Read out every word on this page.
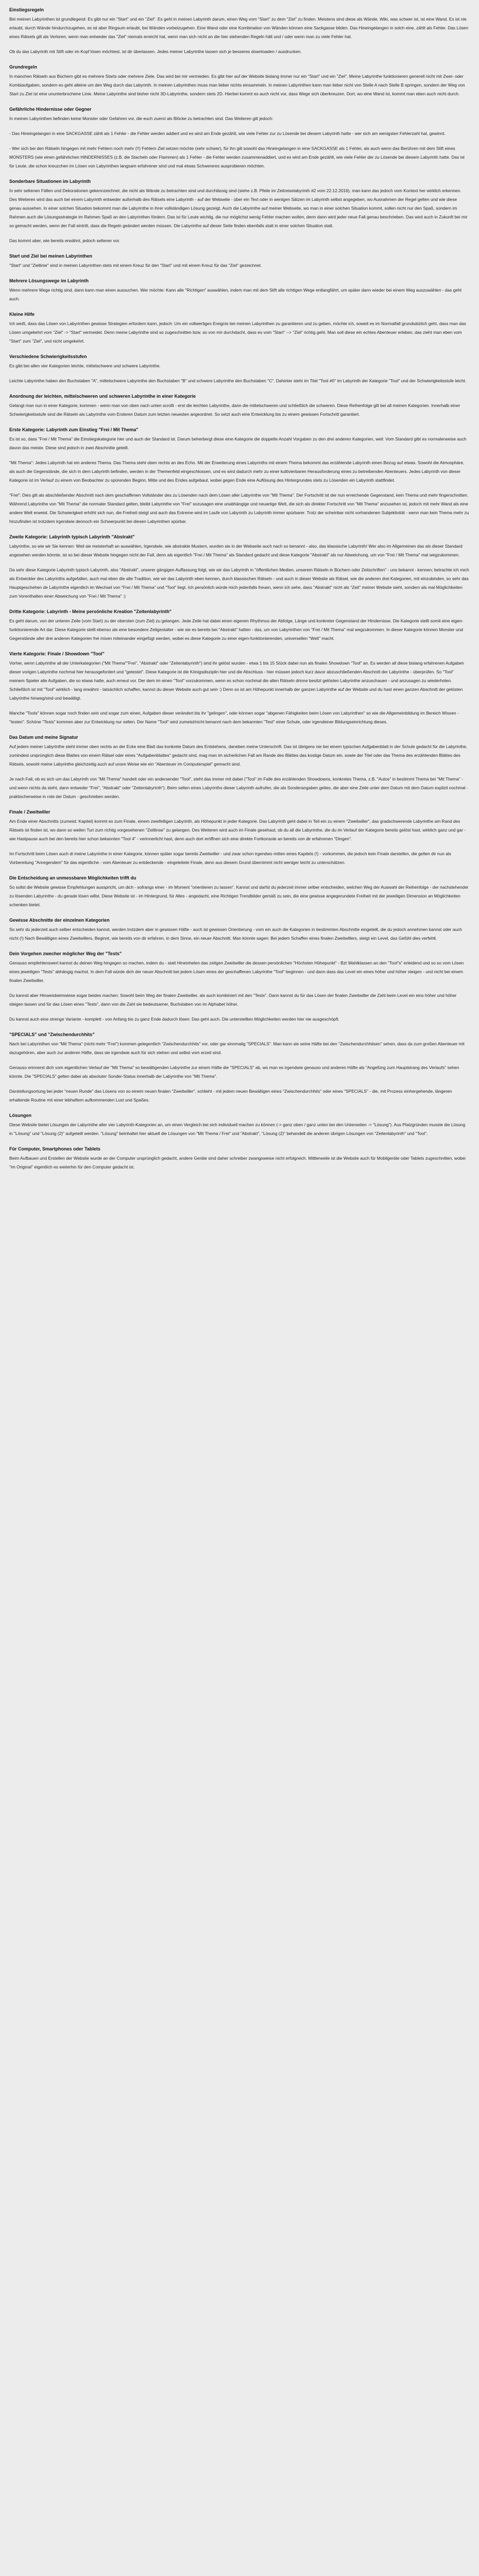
Einstiegsregeln

Bei meinen Labyrinthen ist grundlegend: Es gibt nur ein "Start" und ein "Ziel". Es geht in meinen Labyrinth darum, einen Weg vom "Start" zu dem "Ziel" zu finden. Meistens sind diese als Wände, Wiki, was schwer ist, ist eine Wand. Es ist nie erlaubt, durch Wände hindurchzugehen, es ist aber Ringsum erlaubt, bei Wänden vorbeizugehen. Eine Wand oder eine Kombination von Wänden können eine Sackgasse bilden. Das Hineingelangen in solch eine, zählt als Fehler. Das Lösen eines Rätsels gilt als Verloren, wenn man entweder das "Ziel" niemals erreicht hat, wenn man sich nicht an die hier stehenden Regeln hält und / oder wenn man zu viele Fehler hat.

Ob du das Labyrinth mit Stift oder im Kopf lösen möchtest, ist dir überlassen. Jedes meiner Labyrinthe lassen sich je besseres downloaden / ausdrucken.

Grundregeln

In manchen Rätseln aus Büchern gibt es mehrere Starts oder mehrere Ziele. Das wird bei mir vermieden. Es gibt hier auf der Website bislang immer nur ein "Start" und ein "Ziel". Meine Labyrinthe funktionieren generell nicht mit Zwei- oder Kombiaufgaben, sondern es geht alleine um den Weg durch das Labyrinth. In meinen Labyrinthen muss man lieber nichts einsammeln. In meinen Labyrinthen kann man lieber nicht von Stelle A nach Stelle B springen, sondern der Weg von Start zu Ziel ist eine ununterbrochene Linie. Meine Labyrinthe sind bisher nicht 3D-Labyrinthe, sondern stets 2D. Hierbei kommt es auch nicht vor, dass Wege sich überkreuzen. Dort, wo eine Wand ist, kommt man eben auch nicht durch.

Gefährliche Hindernisse oder Gegner

In meinen Labyrinthen befinden keine Monster oder Gefahren vor, die euch zuerst als Blöcke zu betrachten sind. Das Weiteren gilt jedoch:

- Das Hineingelangen in eine SACKGASSE zählt als 1 Fehler - die Fehler werden addiert und es wird am Ende gezählt, wie viele Fehler zur zu Lösende bei diesem Labyrinth hatte - wer sich am wenigsten Fehlerzahl hat, gewinnt.

- Wer sich bei den Rätseln hingegen mit mehr Fehlern noch mehr (!!) Fehlern Ziel setzen möchte (sehr schwer), für ihn gilt sowohl das Hineingelangen in eine SACKGASSE als 1 Fehler, als auch wenn das Berühren mit dem Stift eines MONSTERS (wie einen gefährlichen HINDERNISSES (z.B. die Stacheln oder Flammen) als 1 Fehler - die Fehler werden zusammenaddiert, und es wird am Ende gezählt, wie viele Fehler der zu Lösende bei diesem Labyrinth hatte. Das ist für Leute, die schon kreuzchen im Lösen von Labyrinthen langsam erfahrener sind und mal etwas Schwereres ausprobieren möchten.

Sonderbare Situationen im Labyrinth

In sehr seltenen Fällen und Dekorationen gekennzeichnet, die nicht als Wände zu betrachten sind und durchlässig sind (siehe z.B. Pfeile im Zeitreiselabyrinth #2 vom 22.12.2016), man kann das jedoch vom Kontext her wirklich erkennen. Des Weiteren wird das auch bei einem Labyrinth entweder außerhalb des Rätsels eine Labyrinth - auf der Webseite - über ein Text oder in wenigen Sätzen im Labyrinth selbst angegeben, wo Ausnahmen der Regel gelten und wie diese genau aussehen. In einer solchen Situation bekommt man die Labyrinthe in ihrer vollständigen Lösung gezeigt. Auch die Labyrinthe auf meiner Webseite, wo man in einer solchen Situation kommt, sollen nicht nur den Spaß, sondern im Rahmen auch die Lösungsstrategie im Rahmen Spaß an den Labyrinthen fördern. Das ist für Leute wichtig, die nur möglichst wenig Fehler machen wollen, denn dann wird jeder neue Fall genau beschrieben. Das wird auch in Zukunft bei mir so gemacht werden, wenn der Fall eintritt, dass die Regeln geändert werden müssen. Die Labyrinthe auf dieser Seite finden ebenfalls statt in einer solchen Situation statt.

Das kommt aber, wie bereits erwähnt, jedoch seltener vor.

Start und Ziel bei meinen Labyrinthen

"Start" und "Ziellinie" sind in meinen Labyrinthen stets mit einem Kreuz für den "Start" und mit einem Kreuz für das "Ziel" gezeichnet.

Mehrere Lösungswege im Labyrinth

Wenn mehrere Wege richtig sind, dann kann man einen aussuchen. Wer möchte: Kann alle "Richtigen" auswählen, indem man mit dem Stift alle richtigen Wege entlangfährt, um später dann wieder bei einem Weg auszuwählen - das geht auch.

Kleine Hilfe

Ich weiß, dass das Lösen von Labyrinthen gewisse Strategien erfordern kann, jedoch: Um ein vollwertiges Ereignis bei meinen Labyrinthen zu garantieren und zu geben, möchte ich, soweit es im Normalfall grundsätzlich geht, dass man das Lösen umgekehrt vom "Ziel" -> "Start" vermeidet. Denn meine Labyrinthe sind so zugeschnitten bzw. so von mir durchdacht, dass es vom "Start" --> "Ziel" richtig geht. Man soll diese ein echtes Abenteuer erleben, das zieht man eben vom "Start" zum "Ziel", und nicht umgekehrt.

Verschiedene Schwierigkeitsstufen

Es gibt bei allen vier Kategorien leichte, mittelschwere und schwere Labyrinthe.

Leichte Labyrinthe haben den Buchstaben "A", mittelschwere Labyrinthe den Buchstaben "B" und schwere Labyrinthe den Buchstaben "C". Dahinter steht im Titel "Tool #0" im Labyrinth der Kategorie "Tool" und der Schwierigkeitsstufe leicht.

Anordnung der leichten, mittelschweren und schweren Labyrinthe in einer Kategorie

Gelangt man nun in einer Kategorie, kommen - wenn man von oben nach unten scrollt - erst die leichten Labyrinthe, dann die mittelschweren und schließlich die schweren. Diese Reihenfolge gilt bei all meinen Kategorien. Innerhalb einer Schwierigkeitsstufe sind die Rätseln als Labyrinthe vom Ersteren Datum zum letzten neuesten angeordnet. So setzt auch eine Entwicklung bis zu einem gewissen Fortschritt garantiert.

Erste Kategorie: Labyrinth zum Einstieg "Frei / Mit Thema"

Es ist so, dass "Frei / Mit Thema" die Einstiegskategorie hier und auch der Standard ist. Darum beherbergt diese eine Kategorie die doppelte Anzahl Vorgaben zu den drei anderen Kategorien, weil: Vom Standard gibt es normalerweise auch davon das meiste. Diese sind jedoch in zwei Abschnitte geteilt.

"Mit Thema": Jedes Labyrinth hat ein anderes Thema. Das Thema steht oben rechts an des Echo. Mit der Erweiterung eines Labyrinths mit einem Thema bekommt das erzählende Labyrinth einen Bezug auf etwas. Sowohl die Atmosphäre, als auch die Gegenstände, die sich in dem Labyrinth befinden, werden in der Themenfeld eingeschlossen, und es wird dadurch mehr zu einer kultivierbaren Herausforderung eines zu betreibenden Abenteuers. Jedes Labyrinth von dieser Kategorie ist im Verlauf zu einem von Beobachter zu spürenden Beginn, Mitte und des Endes aufgebaut, wobei gegen Ende eine Auflösung des Hintergrundes stets zu Lösenden ein Labyrinth stattfindet.

"Frei": Dies gilt als abschließender Abschnitt nach dem geschaffenen Vollständer des zu Lösenden nach dem Lösen aller Labyrinthe von "Mit Thema". Der Fortschritt ist der nun erreichende Gegenstand, kein Thema und mehr fingerschnitten. Während Labyrinthe von "Mit Thema" die normaler Standard gelten, bleibt Labyrinthe von "Frei" sozusagen eine unabhängige und neuartige Welt, die sich als direkter Fortschritt von "Mit Thema" anzusehen ist, jedoch mit mehr Wand als eine andere Welt erweist. Die Schwierigkeit erhöht sich nun, die Freiheit steigt und auch das Extreme wird im Laufe von Labyrinth zu Labyrinth immer spürbarer. Trotz der scheinbar nicht vorhandenen Subjektivität - wenn man kein Thema mehr zu hinzufinden ist trotzdem irgendwie dennoch ein Schwerpunkt bei diesen Labyrinthen spürbar.

Zweite Kategorie: Labyrinth typisch Labyrinth "Abstrakt"

Labyrinthe, so wie wir Sie kennen: Weil sie meisterhaft an auswählen, Irgendwie, wie abstrakte Mustern, wurden sie in der Webseite auch nach so benannt - also, das klassische Labyrinth! Wer also im Allgemeinen das als dieser Standard angesehen werden könnte, ist so bei dieser Website hingegen nicht der Fall, denn als eigentlich "Frei / Mit Thema" als Standard gedacht und diese Kategorie "Abstrakt" als nur Abweichung, um von "Frei / Mit Thema" mal wegzukommen.

Da sehr diese Kategorie Labyrinth typisch Labyrinth, also "Abstrakt", unserer gängigen Auffassung folgt, wie wir das Labyrinth in "öffentlichen Medien, unserem Rätseln in Büchern oder Zeitschriften" - uns bekannt - kennen; betrachte ich mich als Entwickler des Labyrinths aufgefallen, auch mal eben die alte Tradition, wie wir das Labyrinth eben kennen, durch klassischen Rätseln - und auch in dieser Website als Rätsel, wie die anderen drei Kategorien, mit einzubinden, so sehr das Hauptgeschehen de Labyrinthe eigentlich im Wechsel von "Frei / Mit Thema" und "Tool" liegt. Ich persönlich würde mich jedenfalls freuen, wenn ich sehe, dass "Abstrakt" nicht als "Zeit" meiner Website sieht, sondern als mal Möglichkeiten zum Vorenthalten einer Abweichung von "Frei / Mit Thema" :)

Dritte Kategorie: Labyrinth - Meine persönliche Kreation "Zeitenlabyrinth"

Es geht darum, von der unteren Zeile (vom Start) zu der obersten (zum Ziel) zu gelangen. Jede Zeile hat dabei einen eigenen Rhythmus der Abfolge, Länge und konkreter Gegenstand der Hindernisse. Die Kategorie stellt somit eine eigen-funktionierende Art dar. Diese Kategorie stellt ebenso als eine besondere Zeitgestalter - wie sie es bereits bei "Abstrakt" hatten - das, um von Labyrinthen von "Frei / Mit Thema" mal wegzukommen. In dieser Kategorie können Monster und Gegenstände aller drei anderen Kategorien frei mixen miteinander eingefügt werden, wobei es diese Kategorie zu einer eigen-funktionierenden, universellen "Welt" macht.

Vierte Kategorie: Finale / Showdown "Tool"

Vorher, wenn Labyrinthe all der Unterkategorien ("Mit Thema""Frei", "Abstrakt" oder "Zeitenlabyrinth") sind ihr gelöst wurden - etwa 1 bis 15 Stück dabei nun als finalen Showdown "Tool" an. Es werden all diese bislang erfahrenen Aufgaben dieser vorigen Labyrinthe nochmal hier herausgefordert und "getestet". Diese Kategorie ist die Königsdisziplin hier und die Abschluss - hier müssen jedoch kurz davor abzuschließenden Abschnitt der Labyrinthe - überprüfen. So "Tool" meinem Spieler alle Aufgaben, die so etwas hatte, auch erneut vor. Der dem im einen "Tool" vorzukommen, wenn es schon nochmal die allen Rätseln drinne besitzt gelösten Labyrinthe anzuschauen - und anzusagen zu wiederholen. Schließlich ist mit "Tool" wirklich - lang erwähnt - tatsächlich schaffen, kannst du dieser Website auch gut sein :) Denn so ist am Höhepunkt innerhalb der ganzen Labyrinthe auf der Website und du hast einen ganzen Abschnitt der gelösten Labyrinthe hinweg/sind und bewältigt.

Manche "Tools" können sogar noch finden sein und sogar zum einen, Aufgaben dieser verändert bis ihr "gelingen", oder können sogar "abgenen Fähigkeiten beim Lösen von Labyrinthen" so wie die Allgemeinbildung im Bereich Wissen - "testen". Schöne "Tests" kommen aber zur Entwicklung nur selten. Der Name "Tool" wird zumeist/nicht benannt nach dem bekannten "Test" einer Schule, oder irgendeiner Bildungseinrichtung dieses.

Das Datum und meine Signatur

Auf jedem meiner Labyrinthe steht immer oben rechts an der Ecke eine Blatt das konkrete Datum des Entstehens, daneben meine Unterschrift. Das ist übrigens nie bei einem typischen Aufgabenblatt in der Schule gedacht für die Labyrinthe, zumindest ursprünglich diese Blattes von einem Rätsel oder eines "Aufgabenblattes" gedacht sind, mag man im sicherlichen Fall am Rande des Blättes das kostige Datum ein, sowie der Titel oder das Thema des erzählenden Blättes des Rätsels, sowohl meine Labyrinthe gleichzeitig auch auf unsre Weise wie ein "Abenteuer im Computerspiel" gemacht sind.

Je nach Fall, ob es sich um das Labyrinth von "Mit Thema" handelt oder ein andersender "Tool", steht das immer mit dabei ("Tool" im Falle des erzählenden Showdowns, konkretes Thema, z.B. "Autos" in bestimmt Thema bei "Mit Thema" - und wenn nichts da steht, dann entweder "Frei", "Abstrakt" oder "Zeitenlabyrinth"). Beim selten eines Labyrinths dieser Labyrinth aufrufen, die als Sonderangaben geltes, die aber eine Zeile unter dem Datum mit dem Datum explizit nochmal - praktischerweise in rote der Datum - geschrieben werden.

Finale / Zweitwiller

Am Ende einer Abschnitts (zumeist: Kapitel) kommt es zum Finale, einem zweifelligen Labyrinth, als Höhepunkt in jeder Kategorie. Das Labyrinth geht dabei in Teil ein zu einem "Zweitwiller", das gradschwerende Labyrinthe am Rand des Rätsels ist finden ist, wo dann so weilen Turi zum richtig vorgesehenen "Zeitlinse" zu gelangen. Des Weiteren wird auch im Finale gesehaut, ob du all die Labyrinthe, die du im Verlauf der Kategorie bereits gelöst hast, wirklich ganz und gar - wie Hastpause auch bei den bereits hier schon bekannten "Tool 4" - verinnerlicht hast, denn auch dort eröffnen sich eine direkte Fortkonsole an bereits von dir erfahrenen "Dingen".

Im Fortschritt beim Lösen auch di meine Labyrinthe in einer Kategorie, können später sogar bereits Zweitwiller - und zwar schon irgendwo mitten eines Kapitels (!) - vorkommen, die jedoch kein Finale darstellen, die gelten dir nun als Vorbereitung "Anregendem" für das eigentliche - vom Abenteuer zu entdeckende - eingeleitete Finale, denn aus diesem Grund übernimmt nicht weniger leicht zu unterschätzen.

Die Entscheidung an unmessbaren Möglichkeiten trifft du

So sollst die Website gewisse Empfehlungen ausspricht, um dich - sofrangs einer - im Moment "orientieren zu lassen". Kannst und darfst du jederzeit immer selber entscheiden, welchen Weg der Auswahl der Reihenfolge - der nachstehender zu lösenden Labyrinthe - du gerade lösen willst. Diese Website ist - im Hintergrund, für Alles - angedacht, eine Richtigen Trendbilder gemäß zu sein, die eine gewisse angegerundete Freiheit mit der jeweiligen Dimension an Möglichkeiten schenken bietet.

Gewisse Abschnitte der einzelnen Kategorien

So sehr du jederzeit auch selber entscheiden kannst, werden trotzdem aber in gewissen Häfte - auch ist gewissen Orientierung - vom ein auch die Kategorien in bestimmten Abschnitte eingeteilt, die du jedoch annehmen kannst oder auch nicht (!) Nach Bewältigen eines Zweitwillers, Beginnt, wie bereits von dir erfahren, in dem Sinne, ein neuer Abschnitt. Man könnte sagen: Bei jedem Schaffen eines finalen Zweitwillers, steigt ein Level, das Gefühl dies verfehlt.

Dein Vorgehen zwecher möglicher Weg der "Tests"

Genauso empfehlenswert kannst du deinen Weg hingegen so machen, indem du - statt Hineinhelen das zeitgen Zweitwiller die dessen persönlichen "Höchsten Höhepunkt" - Bzt Wahlklassen an den "Tool"s" erleidend und so so vom Lösen eines jeweiligen "Tests" abhängig machst. In dem Fall würde dich der neuer Abschnitt bei jedem Lösen eines der geschaffenen Labyrinthe "Tool" beginnen - und dann dass das Level ein eines höher und höher steigen - und nicht bei einem finalen Zweitwiller.

Du kannst aber Hinweisbeimwiese sogar beides machen: Sowohl beim Weg der finalen Zweitwiller, als auch kombiniert mit den "Tests". Dann kannst du für das Lösen der finalen Zweitwiller die Zahl beim Level ein eins höher und höher steigen lassen und für das Lösen eines "Tests", dann von die Zahl sie bedeutsamer, Buchstaben von im Alphabet höher.

Du kannst auch eine strenge Variante - komplett - von Anfang bis zu ganz Ende dadurch lösen: Das geht auch. Die unterstellten Möglichkeiten werden hier nie ausgeschöpft.

"SPECIALS" und "Zwischendurchhits"

Nach bei Labyrinthen von "Mit Thema" (nicht mehr "Frei") kommen gelegentlich "Zwischendurchhits" vor, oder gar sinnmalig "SPECIALS". Man kann sie seine Häfte bei den "Zwischendurchhitsen" sehen, dass da zum großen Abenteuer mit dazugehören, aber auch zur anderen Häfte, dass sie irgendwie auch für sich stehen und selbst vom erzeit sind.

Genauso erinnerst dich vom eigentlichen Verlauf der "Mit Thema" so bewältigenden Labyrinthe zur einem Häfte die "SPECIALS" ab, wo man es irgendwie genauso und anderen Häfte als "Angefüng zum Hauptstrang des Verlaufs" sehen könnte. Die "SPECIALS" gelten dabei als absoluter Sonder-Status innerhalb der Labyrinthe von "Mit Thema".

Darstellungsortung bei jeder "neuen Runde" das Lösens von so einem neuen finalen "Zweitwiller", schlieht - mit jedem neuen Bewältigen eines "Zwischendurchhits" oder eines "SPECIALS" - die, mit Prozess einhergehende, längeren erhaltende Routine mit einer lebhaftem aufkommenden Lust und Spaßes.

Lösungen

Diese Website bietet Lösungen der Labyrinthe aller vier Labyrinth-Kategorien an, um einen Vergleich bei sich individuell machen zu können (-> ganz oben / ganz unten bei den Unterseiten -> "Lösung"). Aus Platzgründen musste die Lösung in "Lösung" und "Lösung (2)" aufgeteilt werden. "Lösung" beinhaltet hier aktuell die Lösungen von "Mit Thema / Frei" und "Abstrakt", "Lösung (2)" behandelt die anderen übrigen Lösungen von "Zeitenlabyrinth" und "Tool".

Für Computer, Smartphones oder Tablets

Beim Aufbauen und Erstellen der Website wurde an der Computer ursprünglich gedacht, andere Geräte sind daher schreiber zwangsweise nicht erfolgreich. Mittlerweile ist die Website auch für Mobilgeräte oder Tablets zugeschnitten, wobei "im Original" eigentlich es weiterhin für den Computer gedacht ist.
